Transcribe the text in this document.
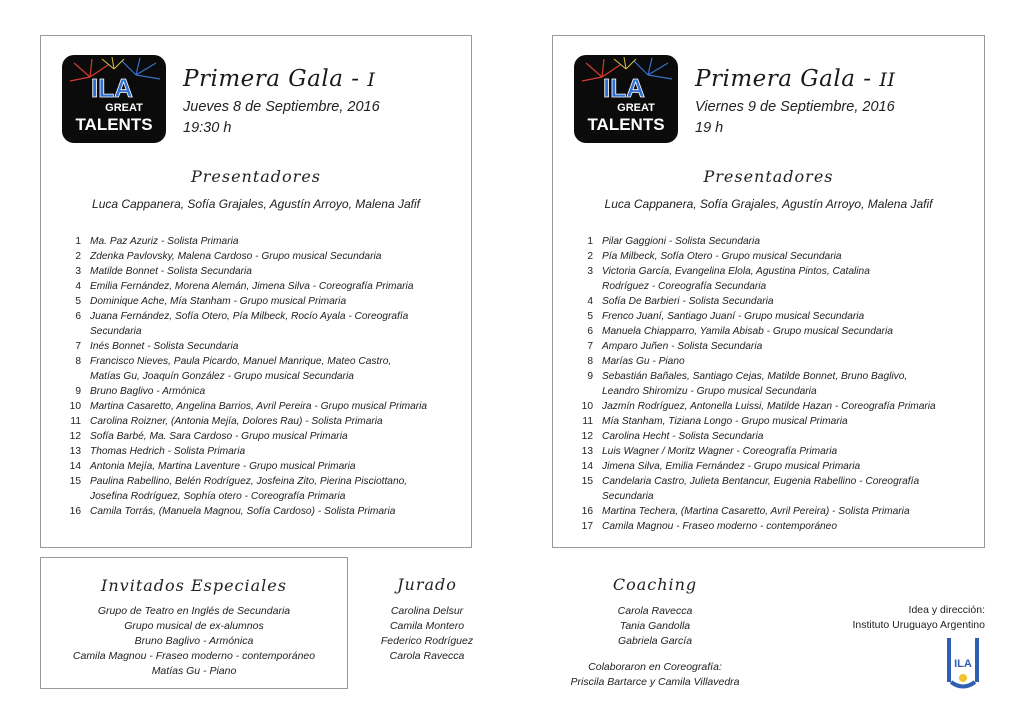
ILA
GREAT
TALENTS
Primera Gala - I
Jueves 8 de Septiembre, 2016
19:30 h
Presentadores
Luca Cappanera, Sofía Grajales, Agustín Arroyo, Malena Jafif
1 Ma. Paz Azuriz - Solista Primaria
2 Zdenka Pavlovsky, Malena Cardoso - Grupo musical Secundaria
3 Matilde Bonnet - Solista Secundaria
4 Emilia Fernández, Morena Alemán, Jimena Silva - Coreografía Primaria
5 Dominique Ache, Mía Stanham - Grupo musical Primaria
6 Juana Fernández, Sofía Otero, Pía Milbeck, Rocío Ayala - Coreografía
Secundaria
7 Inés Bonnet - Solista Secundaria
8 Francisco Nieves, Paula Picardo, Manuel Manrique, Mateo Castro,
Matías Gu, Joaquín González - Grupo musical Secundaria
9 Bruno Baglivo - Armónica
10 Martina Casaretto, Angelina Barrios, Avril Pereira - Grupo musical Primaria
11 Carolina Roizner, (Antonia Mejía, Dolores Rau) - Solista Primaria
12 Sofía Barbé, Ma. Sara Cardoso - Grupo musical Primaria
13 Thomas Hedrich - Solista Primaria
14 Antonia Mejía, Martina Laventure - Grupo musical Primaria
15 Paulina Rabellino, Belén Rodríguez, Josfeina Zito, Pierina Pisciottano,
Josefina Rodríguez, Sophía otero - Coreografía Primaria
16 Camila Torrás, (Manuela Magnou, Sofía Cardoso) - Solista Primaria
ILA
GREAT
TALENTS
Primera Gala - II
Viernes 9 de Septiembre, 2016
19 h
Presentadores
Luca Cappanera, Sofía Grajales, Agustín Arroyo, Malena Jafif
1 Pilar Gaggioni - Solista Secundaria
2 Pía Milbeck, Sofía Otero - Grupo musical Secundaria
3 Victoria García, Evangelina Elola, Agustina Pintos, Catalina
Rodríguez - Coreografía Secundaria
4 Sofía De Barbieri - Solista Secundaria
5 Frenco Juaní, Santiago Juaní - Grupo musical Secundaria
6 Manuela Chiapparro, Yamila Abisab - Grupo musical Secundaria
7 Amparo Juñen - Solista Secundaria
8 Marías Gu - Piano
9 Sebastián Bañales, Santiago Cejas, Matilde Bonnet, Bruno Baglivo,
Leandro Shiromizu - Grupo musical Secundaria
10 Jazmín Rodríguez, Antonella Luissi, Matilde Hazan - Coreografía Primaria
11 Mía Stanham, Tiziana Longo - Grupo musical Primaria
12 Carolina Hecht - Solista Secundaria
13 Luis Wagner / Moritz Wagner - Coreografía Primaria
14 Jimena Silva, Emilia Fernández - Grupo musical Primaria
15 Candelaria Castro, Julieta Bentancur, Eugenia Rabellino - Coreografía
Secundaria
16 Martina Techera, (Martina Casaretto, Avril Pereira) - Solista Primaria
17 Camila Magnou - Fraseo moderno - contemporáneo
Invitados Especiales
Grupo de Teatro en Inglés de Secundaria
Grupo musical de ex-alumnos
Bruno Baglivo - Armónica
Camila Magnou - Fraseo moderno - contemporáneo
Matías Gu - Piano
Jurado
Carolina Delsur
Camila Montero
Federico Rodríguez
Carola Ravecca
Coaching
Carola Ravecca
Tania Gandolla
Gabriela García
Colaboraron en Coreografía:
Priscila Bartarce y Camila Villavedra
Idea y dirección:
Instituto Uruguayo Argentino
ILA
